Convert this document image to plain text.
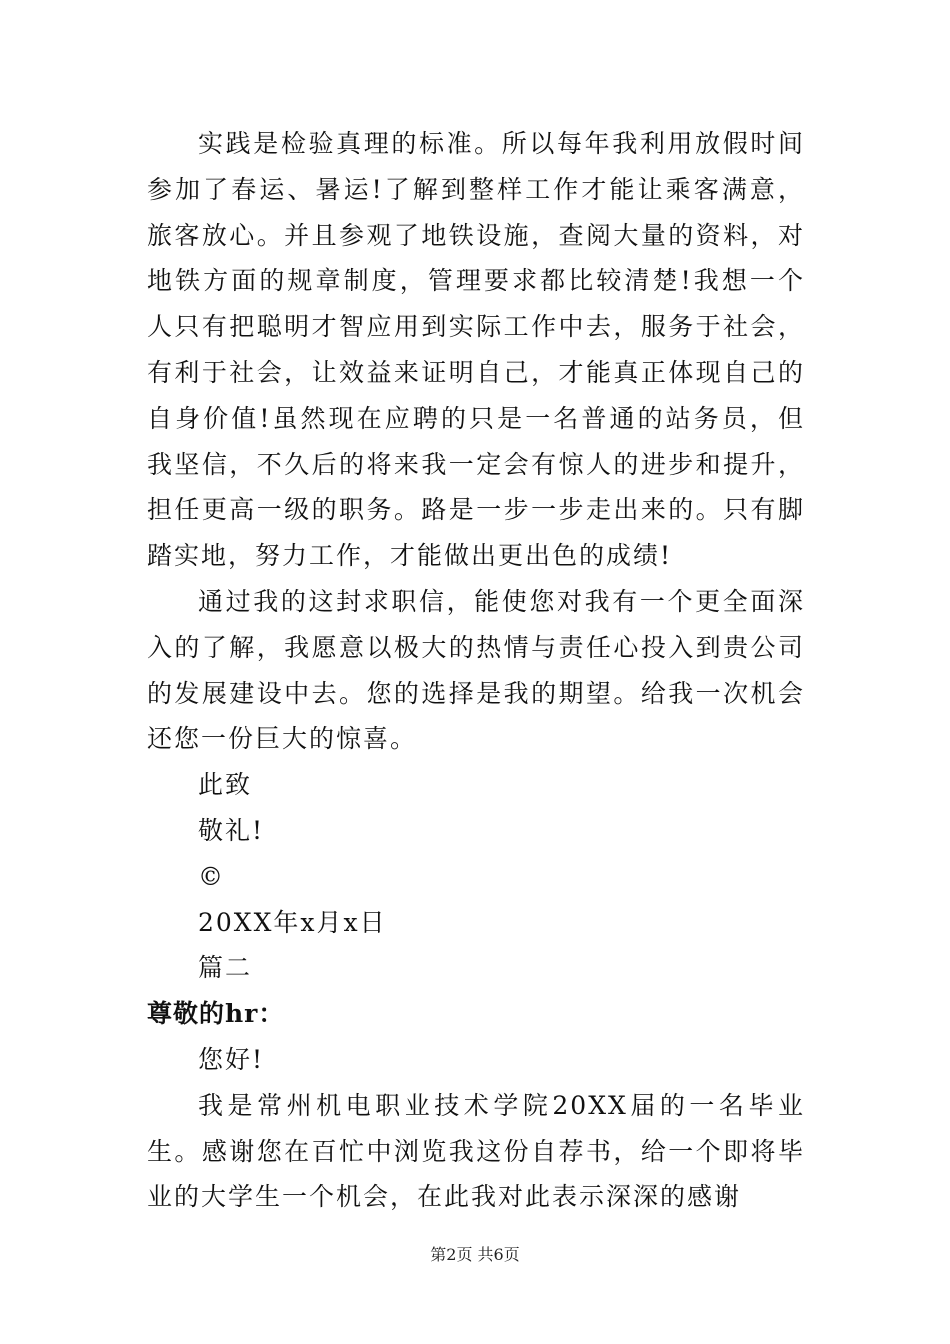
实践是检验真理的标准。所以每年我利用放假时间参加了春运、暑运!了解到整样工作才能让乘客满意，旅客放心。并且参观了地铁设施，查阅大量的资料，对地铁方面的规章制度，管理要求都比较清楚!我想一个人只有把聪明才智应用到实际工作中去，服务于社会，有利于社会，让效益来证明自己，才能真正体现自己的自身价值!虽然现在应聘的只是一名普通的站务员，但我坚信，不久后的将来我一定会有惊人的进步和提升，担任更高一级的职务。路是一步一步走出来的。只有脚踏实地，努力工作，才能做出更出色的成绩!

通过我的这封求职信，能使您对我有一个更全面深入的了解，我愿意以极大的热情与责任心投入到贵公司的发展建设中去。您的选择是我的期望。给我一次机会还您一份巨大的惊喜。

此致

敬礼!

©

20XX年x月x日

篇二

尊敬的hr：

您好!

我是常州机电职业技术学院20XX届的一名毕业生。感谢您在百忙中浏览我这份自荐书，给一个即将毕业的大学生一个机会，在此我对此表示深深的感谢

第2页 共6页
